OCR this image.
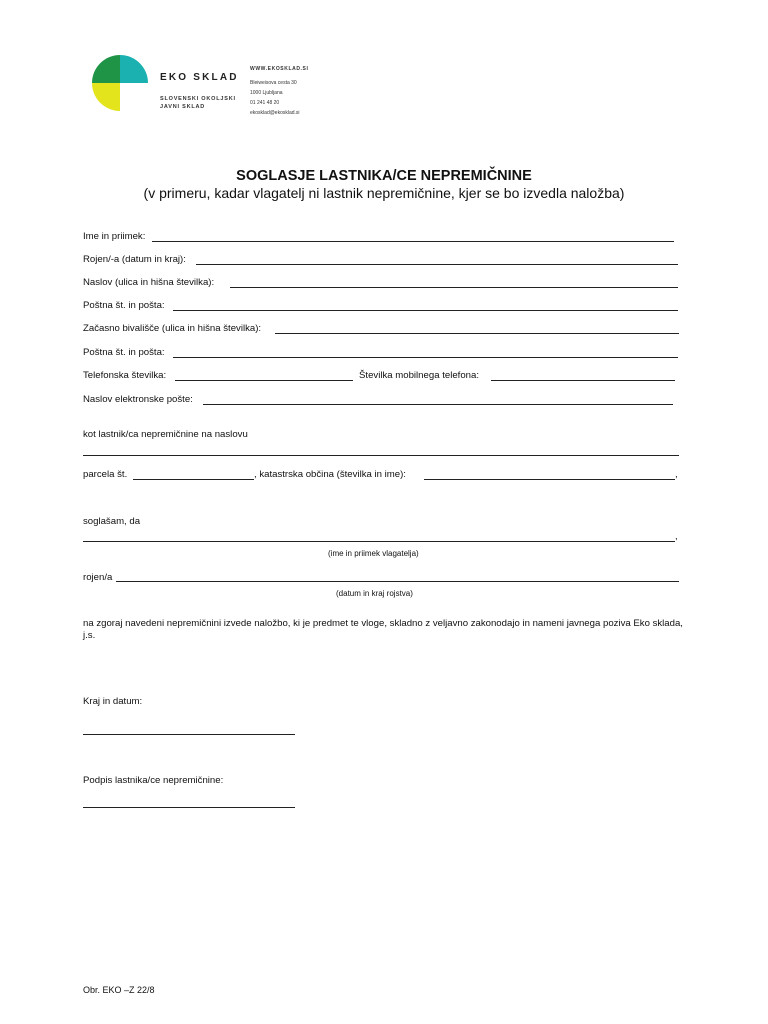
EKO SKLAD
SLOVENSKI OKOLJSKI
JAVNI SKLAD
WWW.EKOSKLAD.SI
Bleiweisova cesta 30
1000 Ljubljana
01 241 48 20
ekosklad@ekosklad.si
SOGLASJE LASTNIKA/CE NEPREMIČNINE
(v primeru, kadar vlagatelj ni lastnik nepremičnine, kjer se bo izvedla naložba)
Ime in priimek:
Rojen/-a (datum in kraj):
Naslov (ulica in hišna številka):
Poštna št. in pošta:
Začasno bivališče (ulica in hišna številka):
Poštna št. in pošta:
Telefonska številka:	Številka mobilnega telefona:
Naslov elektronske pošte:
kot lastnik/ca nepremičnine na naslovu
parcela št.	, katastrska občina (številka in ime):	,
soglašam, da
,
(ime in priimek vlagatelja)
rojen/a
(datum in kraj rojstva)
na zgoraj navedeni nepremičnini izvede naložbo, ki je predmet te vloge, skladno z veljavno zakonodajo in nameni javnega poziva Eko sklada, j.s.
Kraj in datum:
Podpis lastnika/ce nepremičnine:
Obr. EKO –Z 22/8
